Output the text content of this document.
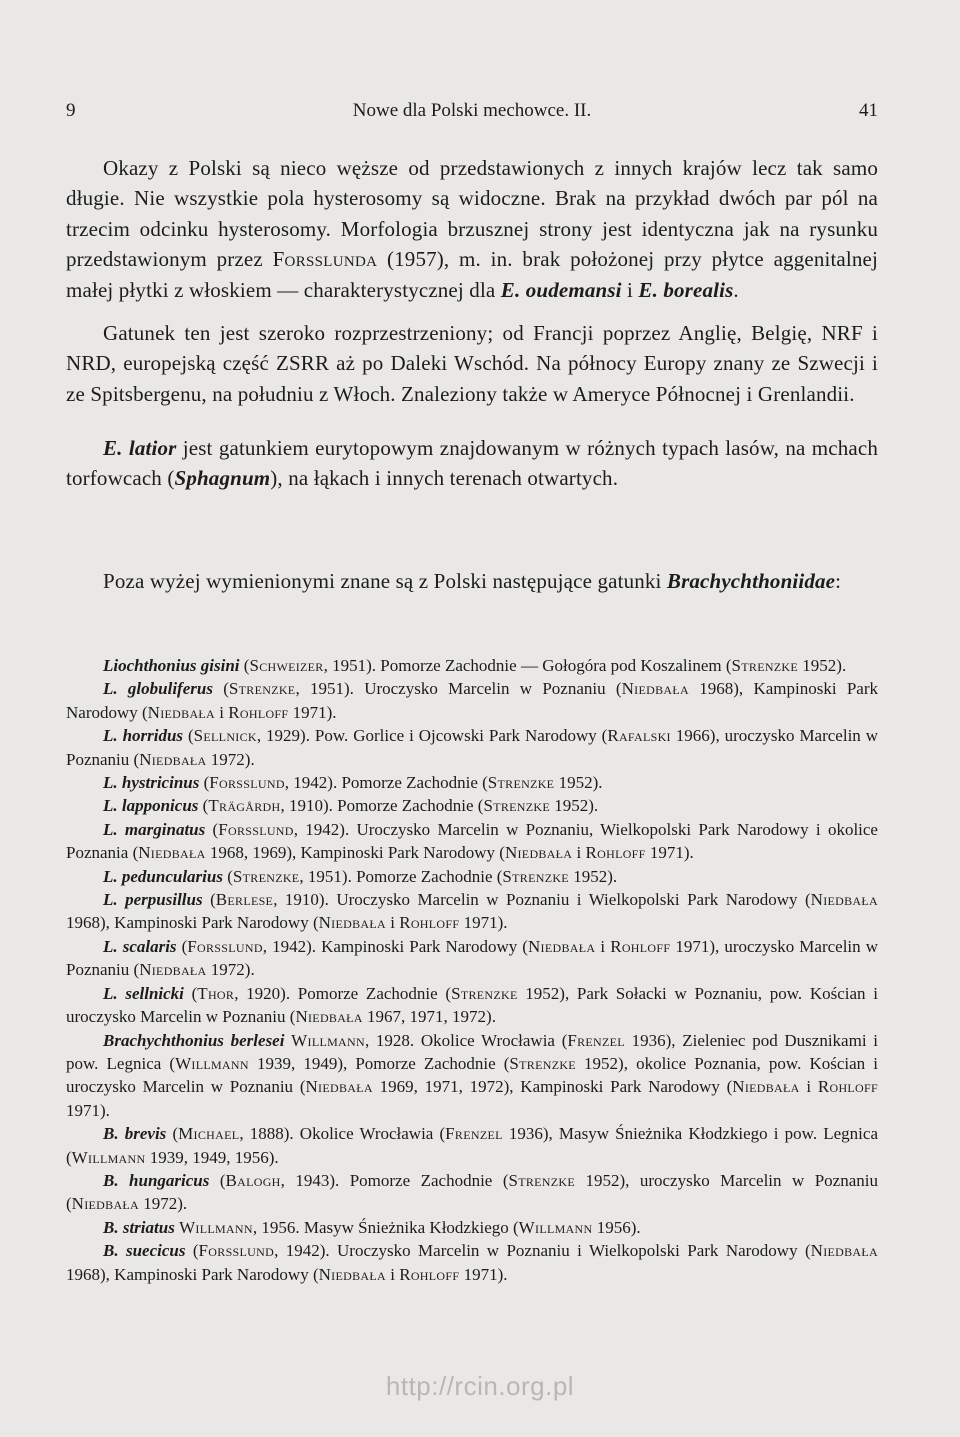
9	Nowe dla Polski mechowce. II.	41

Okazy z Polski są nieco węższe od przedstawionych z innych krajów lecz tak samo długie. Nie wszystkie pola hysterosomy są widoczne. Brak na przykład dwóch par pól na trzecim odcinku hysterosomy. Morfologia brzusznej strony jest identyczna jak na rysunku przedstawionym przez Forsslunda (1957), m. in. brak położonej przy płytce aggenitalnej małej płytki z włoskiem — charakterystycznej dla E. oudemansi i E. borealis.

Gatunek ten jest szeroko rozprzestrzeniony; od Francji poprzez Anglię, Belgię, NRF i NRD, europejską część ZSRR aż po Daleki Wschód. Na północy Europy znany ze Szwecji i ze Spitsbergenu, na południu z Włoch. Znaleziony także w Ameryce Północnej i Grenlandii.

E. latior jest gatunkiem eurytopowym znajdowanym w różnych typach lasów, na mchach torfowcach (Sphagnum), na łąkach i innych terenach otwartych.

Poza wyżej wymienionymi znane są z Polski następujące gatunki Brachychthoniidae:

Liochthonius gisini (Schweizer, 1951). Pomorze Zachodnie — Gołogóra pod Koszalinem (Strenzke 1952).

L. globuliferus (Strenzke, 1951). Uroczysko Marcelin w Poznaniu (Niedbała 1968), Kampinoski Park Narodowy (Niedbała i Rohloff 1971).

L. horridus (Sellnick, 1929). Pow. Gorlice i Ojcowski Park Narodowy (Rafalski 1966), uroczysko Marcelin w Poznaniu (Niedbała 1972).

L. hystricinus (Forsslund, 1942). Pomorze Zachodnie (Strenzke 1952).

L. lapponicus (Trägårdh, 1910). Pomorze Zachodnie (Strenzke 1952).

L. marginatus (Forsslund, 1942). Uroczysko Marcelin w Poznaniu, Wielkopolski Park Narodowy i okolice Poznania (Niedbała 1968, 1969), Kampinoski Park Narodowy (Niedbała i Rohloff 1971).

L. peduncularius (Strenzke, 1951). Pomorze Zachodnie (Strenzke 1952).

L. perpusillus (Berlese, 1910). Uroczysko Marcelin w Poznaniu i Wielkopolski Park Narodowy (Niedbała 1968), Kampinoski Park Narodowy (Niedbała i Rohloff 1971).

L. scalaris (Forsslund, 1942). Kampinoski Park Narodowy (Niedbała i Rohloff 1971), uroczysko Marcelin w Poznaniu (Niedbała 1972).

L. sellnicki (Thor, 1920). Pomorze Zachodnie (Strenzke 1952), Park Sołacki w Poznaniu, pow. Kościan i uroczysko Marcelin w Poznaniu (Niedbała 1967, 1971, 1972).

Brachychthonius berlesei Willmann, 1928. Okolice Wrocławia (Frenzel 1936), Zieleniec pod Dusznikami i pow. Legnica (Willmann 1939, 1949), Pomorze Zachodnie (Strenzke 1952), okolice Poznania, pow. Kościan i uroczysko Marcelin w Poznaniu (Niedbała 1969, 1971, 1972), Kampinoski Park Narodowy (Niedbała i Rohloff 1971).

B. brevis (Michael, 1888). Okolice Wrocławia (Frenzel 1936), Masyw Śnieżnika Kłodzkiego i pow. Legnica (Willmann 1939, 1949, 1956).

B. hungaricus (Balogh, 1943). Pomorze Zachodnie (Strenzke 1952), uroczysko Marcelin w Poznaniu (Niedbała 1972).

B. striatus Willmann, 1956. Masyw Śnieżnika Kłodzkiego (Willmann 1956).

B. suecicus (Forsslund, 1942). Uroczysko Marcelin w Poznaniu i Wielkopolski Park Narodowy (Niedbała 1968), Kampinoski Park Narodowy (Niedbała i Rohloff 1971).

http://rcin.org.pl
